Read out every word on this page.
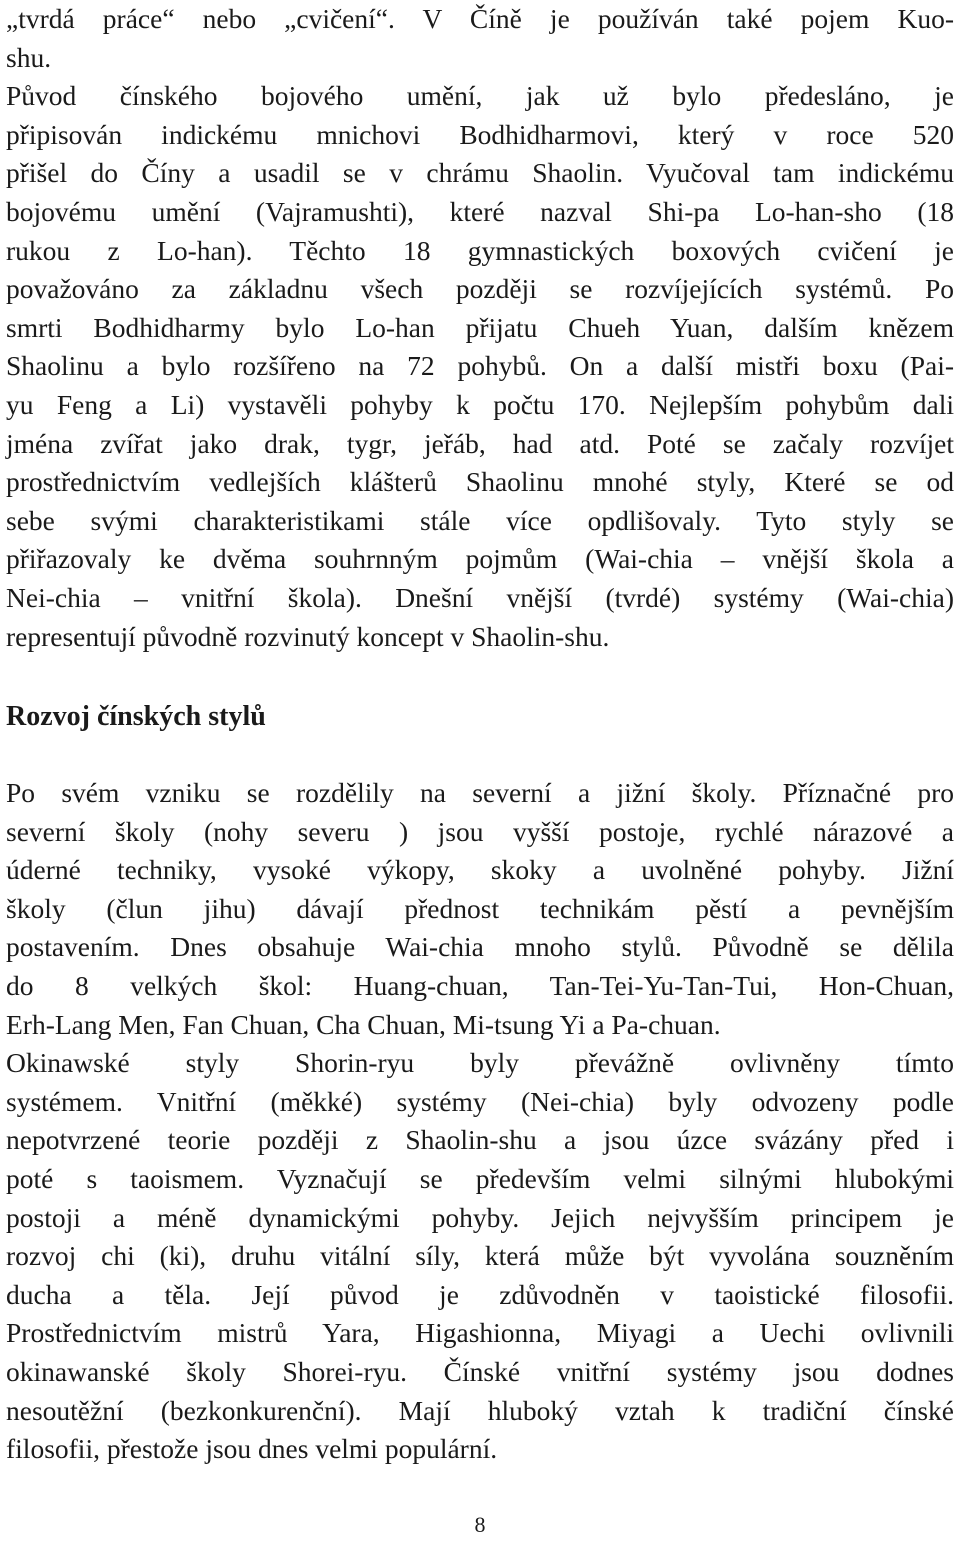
„tvrdá práce“ nebo „cvičení“. V Číně je používán také pojem Kuo-
shu.
Původ čínského bojového umění, jak už bylo předesláno, je
připisován indickému mnichovi Bodhidharmovi, který v roce 520
přišel do Číny a usadil se v chrámu Shaolin. Vyučoval tam indickému
bojovému umění (Vajramushti), které nazval Shi-pa Lo-han-sho (18
rukou z Lo-han). Těchto 18 gymnastických boxových cvičení je
považováno za základnu všech později se rozvíjejících systémů. Po
smrti Bodhidharmy bylo Lo-han přijatu Chueh Yuan, dalším knězem
Shaolinu a bylo rozšířeno na 72 pohybů. On a další mistři boxu (Pai-
yu Feng a Li) vystavěli pohyby k počtu 170. Nejlepším pohybům dali
jména zvířat jako drak, tygr, jeřáb, had atd. Poté se začaly rozvíjet
prostřednictvím vedlejších klášterů Shaolinu mnohé styly, Které se od
sebe svými charakteristikami stále více opdlišovaly. Tyto styly se
přiřazovaly ke dvěma souhrnným pojmům (Wai-chia – vnější škola a
Nei-chia – vnitřní škola). Dnešní vnější (tvrdé) systémy (Wai-chia)
representují původně rozvinutý koncept v Shaolin-shu.
Rozvoj čínských stylů
Po svém vzniku se rozdělily na severní a jižní školy. Příznačné pro
severní školy (nohy severu ) jsou vyšší postoje, rychlé nárazové a
úderné techniky, vysoké výkopy, skoky a uvolněné pohyby. Jižní
školy (člun jihu) dávají přednost technikám pěstí a pevnějším
postavením. Dnes obsahuje Wai-chia mnoho stylů. Původně se dělila
do 8 velkých škol: Huang-chuan, Tan-Tei-Yu-Tan-Tui, Hon-Chuan,
Erh-Lang Men, Fan Chuan, Cha Chuan, Mi-tsung Yi a Pa-chuan.
Okinawské styly Shorin-ryu byly převážně ovlivněny tímto
systémem. Vnitřní (měkké) systémy (Nei-chia) byly odvozeny podle
nepotvrzené teorie později z Shaolin-shu a jsou úzce svázány před i
poté s taoismem. Vyznačují se především velmi silnými hlubokými
postoji a méně dynamickými pohyby. Jejich nejvyšším principem je
rozvoj chi (ki), druhu vitální síly, která může být vyvolána souzněním
ducha a těla. Její původ je zdůvodněn v taoistické filosofii.
Prostřednictvím mistrů Yara, Higashionna, Miyagi a Uechi ovlivnili
okinawanské školy Shorei-ryu. Čínské vnitřní systémy jsou dodnes
nesoutěžní (bezkonkurenční). Mají hluboký vztah k tradiční čínské
filosofii, přestože jsou dnes velmi populární.
8
